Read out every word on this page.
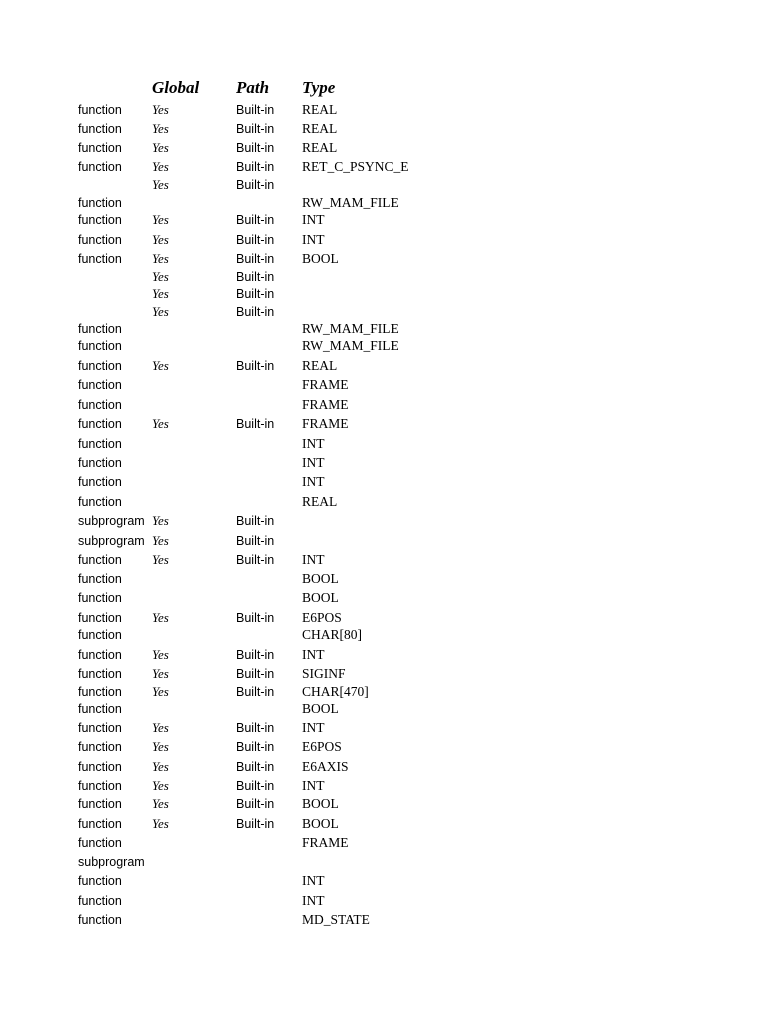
Global Path Type
function Yes	Built-in REAL
function Yes	Built-in REAL
function Yes	Built-in REAL
function Yes	Built-in RET_C_PSYNC_E
Yes	Built-in
function	RW_MAM_FILE
function Yes	Built-in INT
function Yes	Built-in INT
function Yes	Built-in BOOL
Yes	Built-in
Yes	Built-in
Yes	Built-in
function	RW_MAM_FILE
function	RW_MAM_FILE
function Yes	Built-in REAL
function	FRAME
function	FRAME
function Yes	Built-in FRAME
function	INT
function	INT
function	INT
function	REAL
subprogram Yes	Built-in
subprogram Yes	Built-in
function Yes	Built-in INT
function	BOOL
function	BOOL
function Yes	Built-in E6POS
function	CHAR[80]
function Yes	Built-in INT
function Yes	Built-in SIGINF
function Yes	Built-in CHAR[470]
function	BOOL
function Yes	Built-in INT
function Yes	Built-in E6POS
function Yes	Built-in E6AXIS
function Yes	Built-in INT
function Yes	Built-in BOOL
function Yes	Built-in BOOL
function	FRAME
subprogram
function	INT
function	INT
function	MD_STATE
